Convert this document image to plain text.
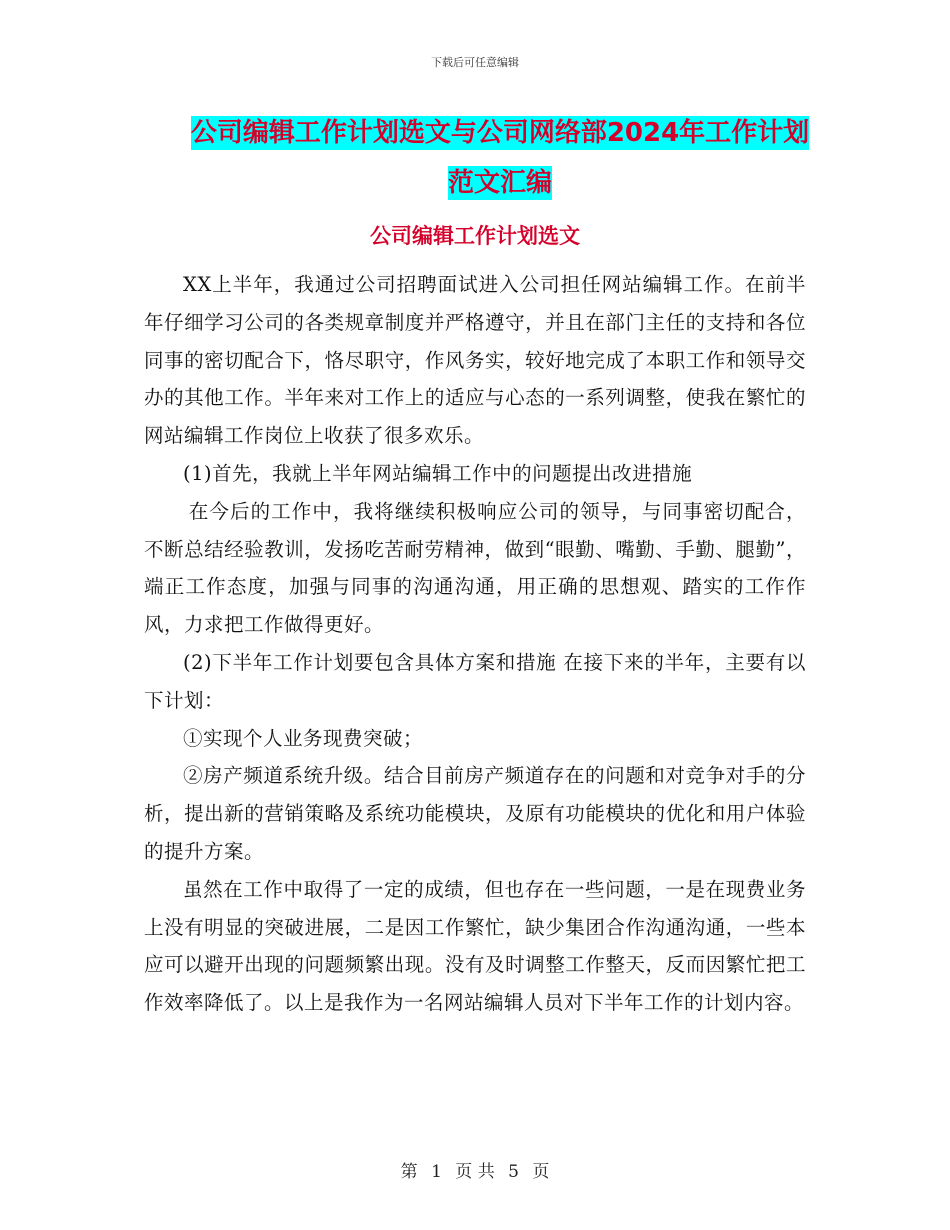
下载后可任意编辑
公司编辑工作计划选文与公司网络部2024年工作计划
范文汇编
公司编辑工作计划选文

XX上半年，我通过公司招聘面试进入公司担任网站编辑工作。在前半年仔细学习公司的各类规章制度并严格遵守，并且在部门主任的支持和各位同事的密切配合下，恪尽职守，作风务实，较好地完成了本职工作和领导交办的其他工作。半年来对工作上的适应与心态的一系列调整，使我在繁忙的网站编辑工作岗位上收获了很多欢乐。

(1)首先，我就上半年网站编辑工作中的问题提出改进措施

在今后的工作中，我将继续积极响应公司的领导，与同事密切配合，不断总结经验教训，发扬吃苦耐劳精神，做到“眼勤、嘴勤、手勤、腿勤”，端正工作态度，加强与同事的沟通沟通，用正确的思想观、踏实的工作作风，力求把工作做得更好。

(2)下半年工作计划要包含具体方案和措施 在接下来的半年，主要有以下计划：

①实现个人业务现费突破；

②房产频道系统升级。结合目前房产频道存在的问题和对竞争对手的分析，提出新的营销策略及系统功能模块，及原有功能模块的优化和用户体验的提升方案。

虽然在工作中取得了一定的成绩，但也存在一些问题，一是在现费业务上没有明显的突破进展，二是因工作繁忙，缺少集团合作沟通沟通，一些本应可以避开出现的问题频繁出现。没有及时调整工作整天，反而因繁忙把工作效率降低了。以上是我作为一名网站编辑人员对下半年工作的计划内容。

第 1 页 共 5 页
